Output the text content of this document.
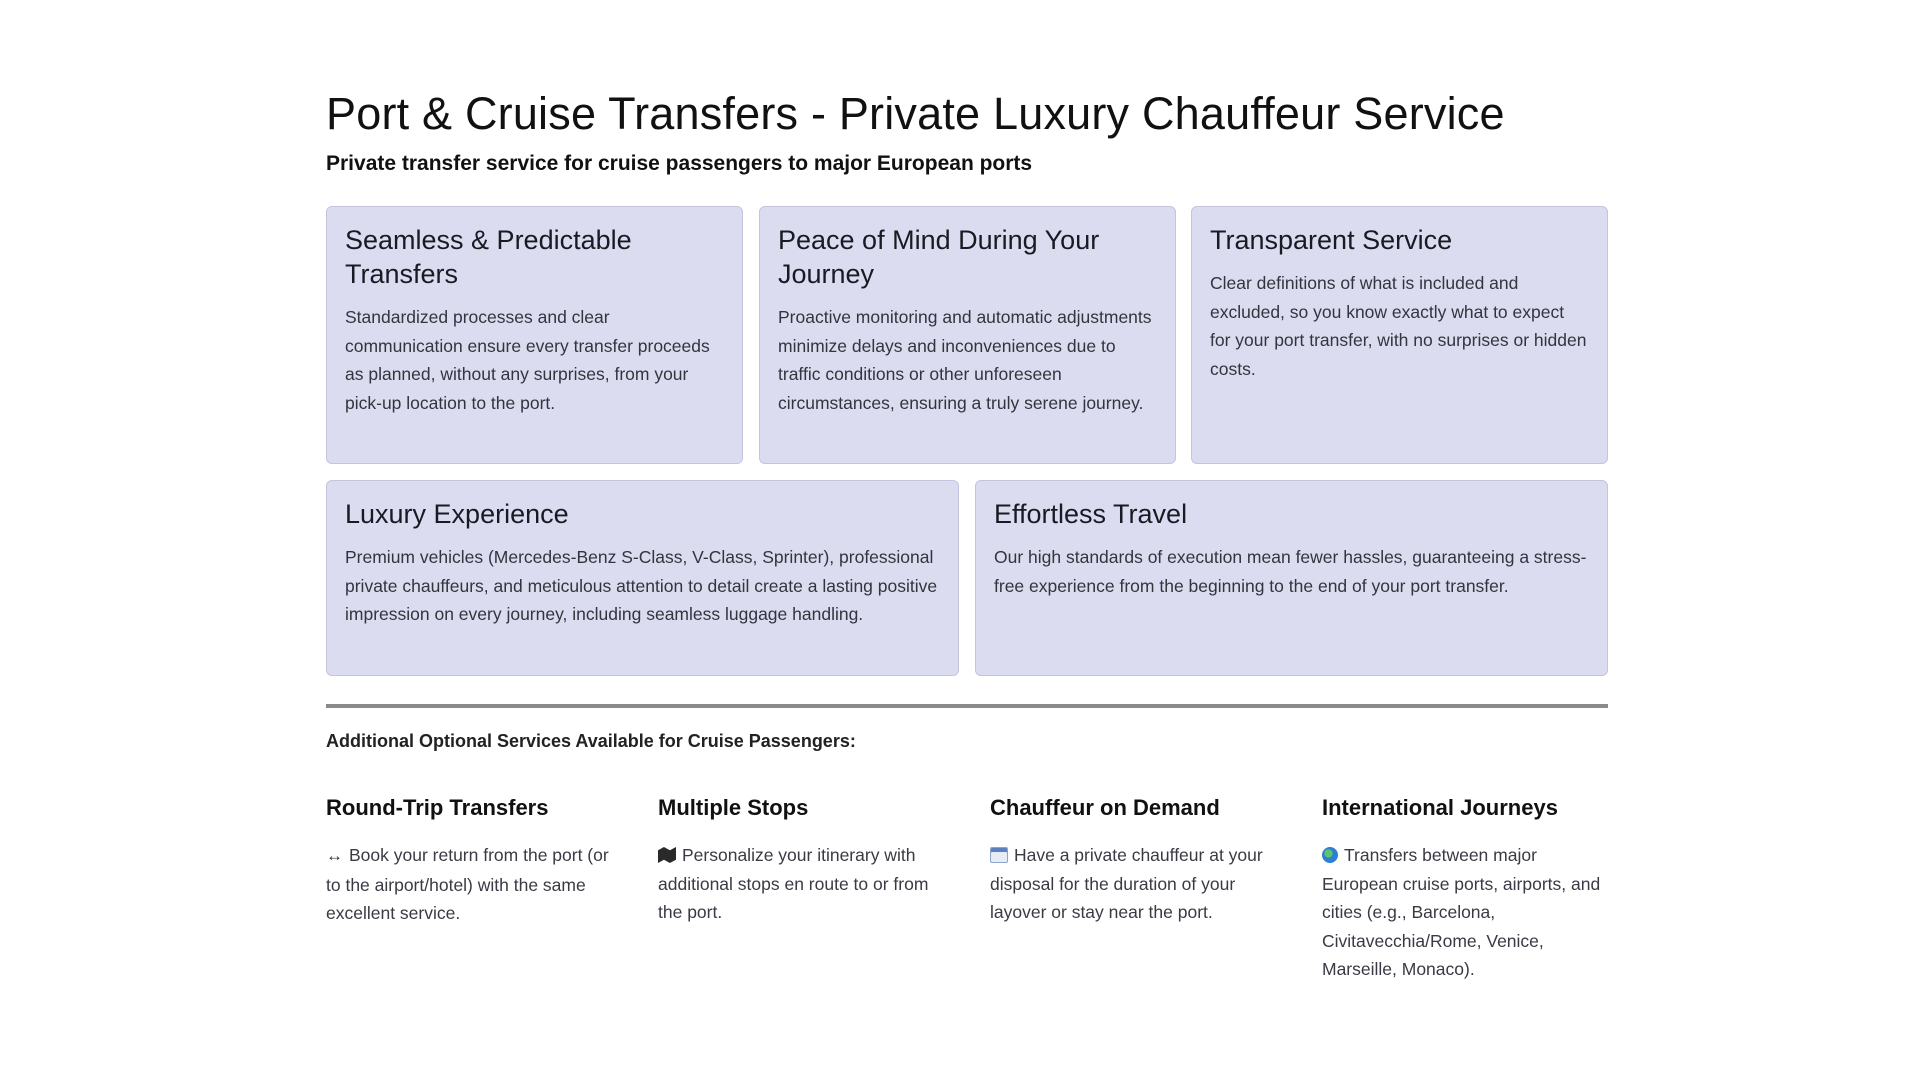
Port & Cruise Transfers - Private Luxury Chauffeur Service

Private transfer service for cruise passengers to major European ports

Seamless & Predictable Transfers

Standardized processes and clear communication ensure every transfer proceeds as planned, without any surprises, from your pick-up location to the port.

Peace of Mind During Your Journey

Proactive monitoring and automatic adjustments minimize delays and inconveniences due to traffic conditions or other unforeseen circumstances, ensuring a truly serene journey.

Transparent Service

Clear definitions of what is included and excluded, so you know exactly what to expect for your port transfer, with no surprises or hidden costs.

Luxury Experience

Premium vehicles (Mercedes-Benz S-Class, V-Class, Sprinter), professional private chauffeurs, and meticulous attention to detail create a lasting positive impression on every journey, including seamless luggage handling.

Effortless Travel

Our high standards of execution mean fewer hassles, guaranteeing a stress-free experience from the beginning to the end of your port transfer.

Additional Optional Services Available for Cruise Passengers:
Round-Trip Transfers

↔ Book your return from the port (or to the airport/hotel) with the same excellent service.

Multiple Stops

Personalize your itinerary with additional stops en route to or from the port.

Chauffeur on Demand

Have a private chauffeur at your disposal for the duration of your layover or stay near the port.

International Journeys

Transfers between major European cruise ports, airports, and cities (e.g., Barcelona, Civitavecchia/Rome, Venice, Marseille, Monaco).
